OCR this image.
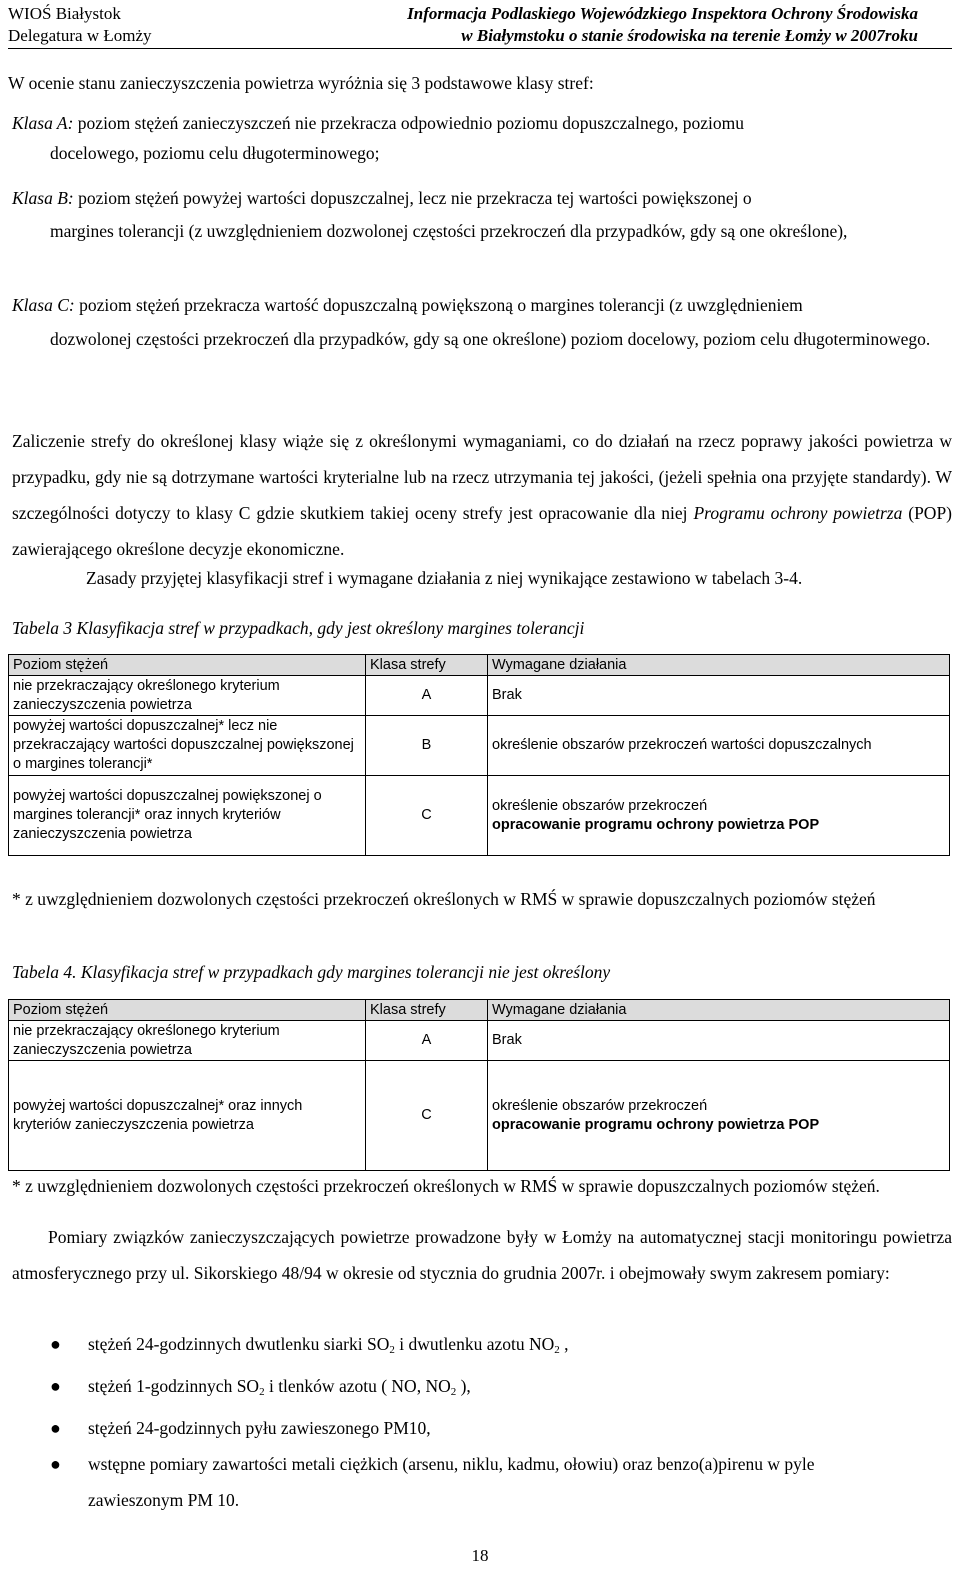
WIOŚ Białystok
Delegatura w Łomży
Informacja Podlaskiego Wojewódzkiego Inspektora Ochrony Środowiska
w Białymstoku o stanie środowiska na terenie Łomży w 2007roku
W ocenie stanu zanieczyszczenia powietrza wyróżnia się 3 podstawowe klasy stref:
Klasa A: poziom stężeń zanieczyszczeń nie przekracza odpowiednio poziomu dopuszczalnego, poziomu
docelowego, poziomu celu długoterminowego;
Klasa B: poziom stężeń powyżej wartości dopuszczalnej, lecz nie przekracza tej wartości powiększonej o
margines tolerancji (z uwzględnieniem dozwolonej częstości przekroczeń dla przypadków, gdy są one określone),
Klasa C: poziom stężeń przekracza wartość dopuszczalną powiększoną o margines tolerancji (z uwzględnieniem
dozwolonej częstości przekroczeń dla przypadków, gdy są one określone) poziom docelowy, poziom celu długoterminowego.
Zaliczenie strefy do określonej klasy wiąże się z określonymi wymaganiami, co do działań na rzecz poprawy jakości powietrza w przypadku, gdy nie są dotrzymane wartości kryterialne lub na rzecz utrzymania tej jakości, (jeżeli spełnia ona przyjęte standardy). W szczególności dotyczy to klasy C gdzie skutkiem takiej oceny strefy jest opracowanie dla niej Programu ochrony powietrza (POP) zawierającego określone decyzje ekonomiczne.
Zasady przyjętej klasyfikacji stref i wymagane działania z niej wynikające zestawiono w tabelach 3-4.
Tabela 3 Klasyfikacja stref w przypadkach, gdy jest określony margines tolerancji
Poziom stężeń	Klasa strefy	Wymagane działania
nie przekraczający określonego kryterium zanieczyszczenia powietrza	A	Brak
powyżej wartości dopuszczalnej* lecz nie przekraczający wartości dopuszczalnej powiększonej o margines tolerancji*	B	określenie obszarów przekroczeń wartości dopuszczalnych
powyżej wartości dopuszczalnej powiększonej o margines tolerancji* oraz innych kryteriów zanieczyszczenia powietrza	C	określenie obszarów przekroczeń
opracowanie programu ochrony powietrza POP
* z uwzględnieniem dozwolonych częstości przekroczeń określonych w RMŚ w sprawie dopuszczalnych poziomów stężeń
Tabela 4. Klasyfikacja stref w przypadkach gdy margines tolerancji nie jest określony
Poziom stężeń	Klasa strefy	Wymagane działania
nie przekraczający określonego kryterium zanieczyszczenia powietrza	A	Brak
powyżej wartości dopuszczalnej* oraz innych kryteriów zanieczyszczenia powietrza	C	określenie obszarów przekroczeń
opracowanie programu ochrony powietrza POP
* z uwzględnieniem dozwolonych częstości przekroczeń określonych w RMŚ w sprawie dopuszczalnych poziomów stężeń.
Pomiary związków zanieczyszczających powietrze prowadzone były w Łomży na automatycznej stacji monitoringu powietrza atmosferycznego przy ul. Sikorskiego 48/94 w okresie od stycznia do grudnia 2007r. i obejmowały swym zakresem pomiary:
● stężeń 24-godzinnych dwutlenku siarki $SO_2$ i dwutlenku azotu $NO_2$ ,
● stężeń 1-godzinnych $SO_2$ i tlenków azotu ( NO, $NO_2$ ),
● stężeń 24-godzinnych pyłu zawieszonego PM10,
● wstępne pomiary zawartości metali ciężkich (arsenu, niklu, kadmu, ołowiu) oraz benzo(a)pirenu w pyle
zawieszonym PM 10.
18
